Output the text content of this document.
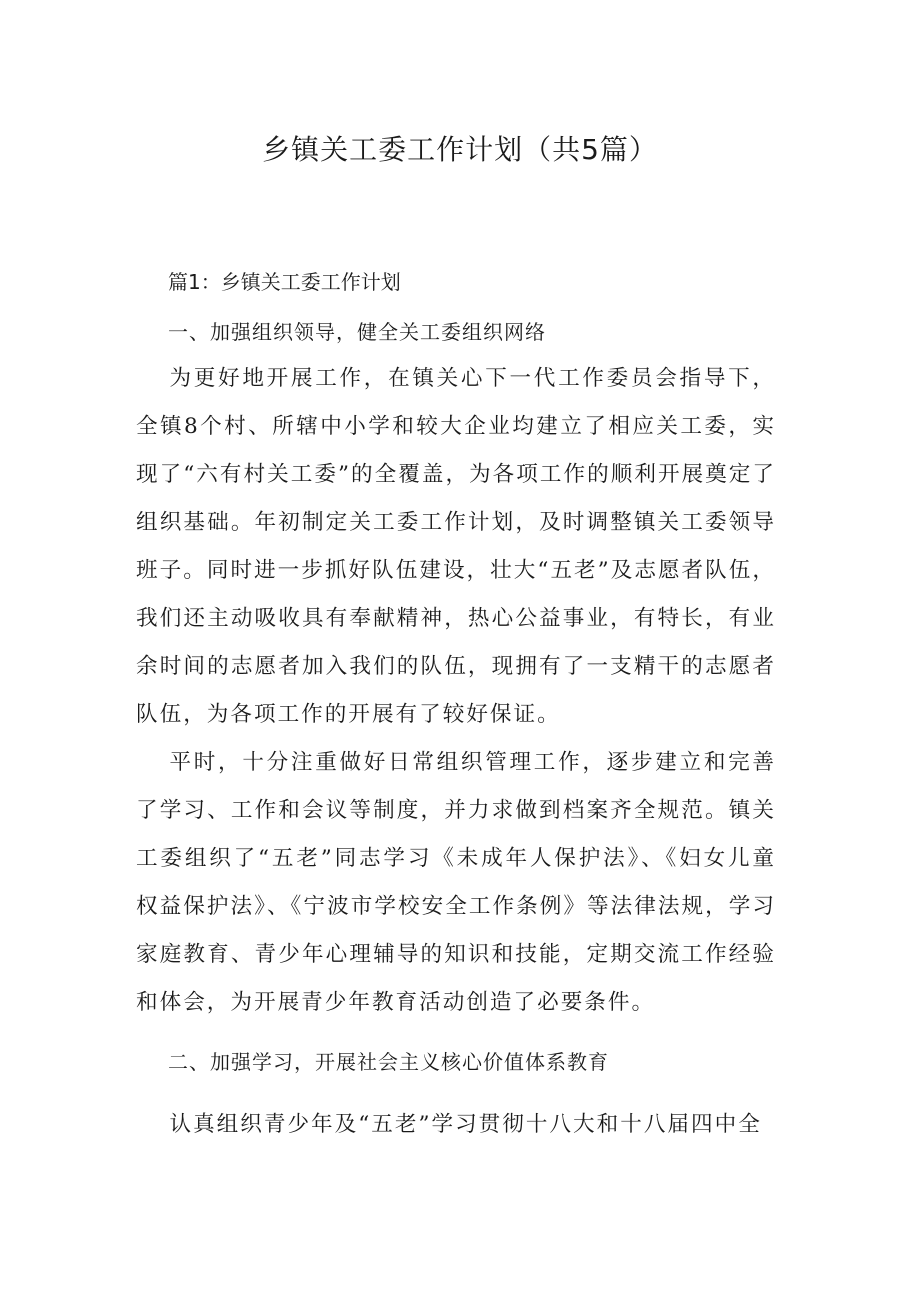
乡镇关工委工作计划（共5篇）
篇1：乡镇关工委工作计划
一、加强组织领导，健全关工委组织网络

为更好地开展工作，在镇关心下一代工作委员会指导下，全镇8个村、所辖中小学和较大企业均建立了相应关工委，实现了“六有村关工委”的全覆盖，为各项工作的顺利开展奠定了组织基础。年初制定关工委工作计划，及时调整镇关工委领导班子。同时进一步抓好队伍建设，壮大“五老”及志愿者队伍，我们还主动吸收具有奉献精神，热心公益事业，有特长，有业余时间的志愿者加入我们的队伍，现拥有了一支精干的志愿者队伍，为各项工作的开展有了较好保证。

平时，十分注重做好日常组织管理工作，逐步建立和完善了学习、工作和会议等制度，并力求做到档案齐全规范。镇关工委组织了“五老”同志学习《未成年人保护法》、《妇女儿童权益保护法》、《宁波市学校安全工作条例》等法律法规，学习家庭教育、青少年心理辅导的知识和技能，定期交流工作经验和体会，为开展青少年教育活动创造了必要条件。

二、加强学习，开展社会主义核心价值体系教育

认真组织青少年及“五老”学习贯彻十八大和十八届四中全
